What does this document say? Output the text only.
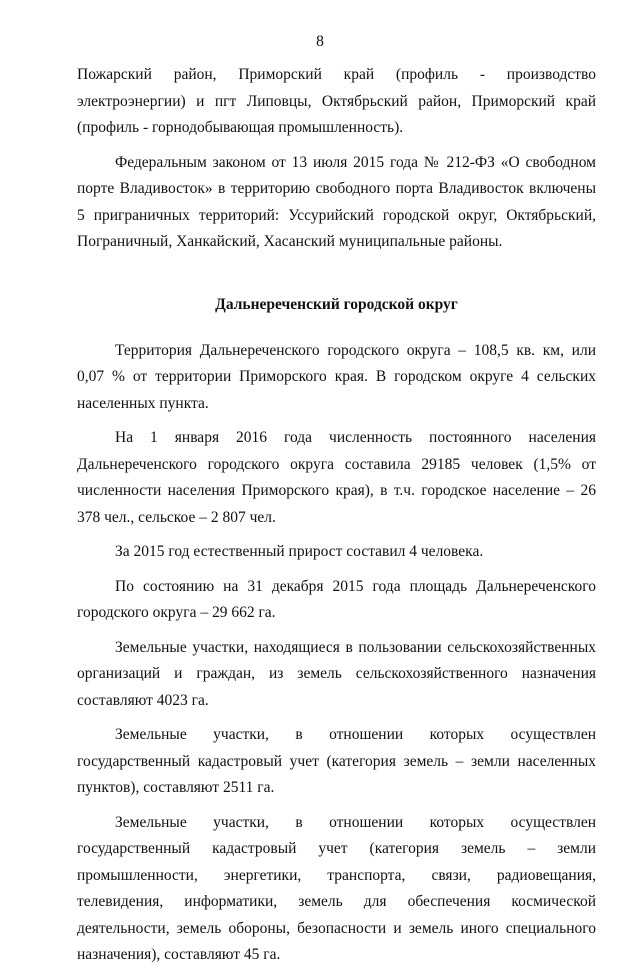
8

Пожарский район, Приморский край (профиль - производство электроэнергии) и пгт Липовцы, Октябрьский район, Приморский край (профиль - горнодобывающая промышленность).

Федеральным законом от 13 июля 2015 года № 212-ФЗ «О свободном порте Владивосток» в территорию свободного порта Владивосток включены 5 приграничных территорий: Уссурийский городской округ, Октябрьский, Пограничный, Ханкайский, Хасанский муниципальные районы.

Дальнереченский городской округ

Территория Дальнереченского городского округа – 108,5 кв. км, или 0,07 % от территории Приморского края. В городском округе 4 сельских населенных пункта.

На 1 января 2016 года численность постоянного населения Дальнереченского городского округа составила 29185 человек (1,5% от численности населения Приморского края), в т.ч. городское население – 26 378 чел., сельское – 2 807 чел.

За 2015 год естественный прирост составил 4 человека.

По состоянию на 31 декабря 2015 года площадь Дальнереченского городского округа – 29 662 га.

Земельные участки, находящиеся в пользовании сельскохозяйственных организаций и граждан, из земель сельскохозяйственного назначения составляют 4023 га.

Земельные участки, в отношении которых осуществлен государственный кадастровый учет (категория земель – земли населенных пунктов), составляют 2511 га.

Земельные участки, в отношении которых осуществлен государственный кадастровый учет (категория земель – земли промышленности, энергетики, транспорта, связи, радиовещания, телевидения, информатики, земель для обеспечения космической деятельности, земель обороны, безопасности и земель иного специального назначения), составляют 45 га.
